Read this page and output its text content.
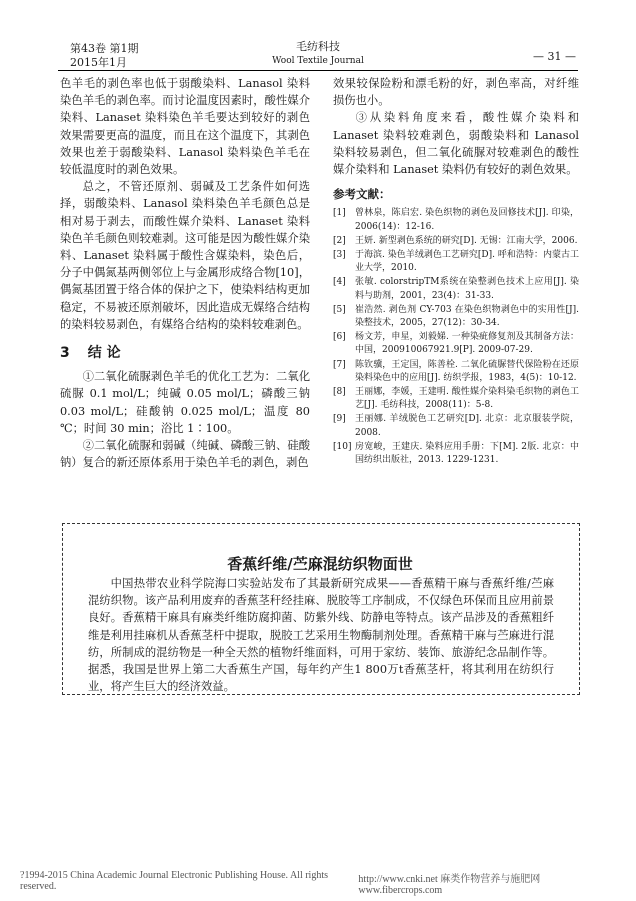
第43卷 第1期
2015年1月
毛纺科技
Wool Textile Journal	— 31 —

色羊毛的剥色率也低于弱酸染料、Lanasol 染料染色羊毛的剥色率。而讨论温度因素时，酸性媒介染料、Lanaset 染料染色羊毛要达到较好的剥色效果需要更高的温度，而且在这个温度下，其剥色效果也差于弱酸染料、Lanasol 染料染色羊毛在较低温度时的剥色效果。

总之，不管还原剂、弱碱及工艺条件如何选择，弱酸染料、Lanasol 染料染色羊毛颜色总是相对易于剥去，而酸性媒介染料、Lanaset 染料染色羊毛颜色则较难剥。这可能是因为酸性媒介染料、Lanaset 染料属于酸性含媒染料，染色后，分子中偶氮基两侧邻位上与金属形成络合物[10]，偶氮基团置于络合体的保护之下，使染料结构更加稳定，不易被还原剂破坏，因此造成无媒络合结构的染料较易剥色，有媒络合结构的染料较难剥色。

3 结 论

①二氧化硫脲剥色羊毛的优化工艺为：二氧化硫脲 0.1 mol/L；纯碱 0.05 mol/L；磷酸三钠 0.03 mol/L；硅酸钠 0.025 mol/L；温度 80 ℃；时间 30 min；浴比 1∶100。

②二氧化硫脲和弱碱（纯碱、磷酸三钠、硅酸钠）复合的新还原体系用于染色羊毛的剥色，剥色

效果较保险粉和漂毛粉的好，剥色率高，对纤维损伤也小。

③从染料角度来看，酸性媒介染料和 Lanaset 染料较难剥色，弱酸染料和 Lanasol 染料较易剥色，但二氧化硫脲对较难剥色的酸性媒介染料和 Lanaset 染料仍有较好的剥色效果。

参考文献：
[1]	曾林泉，陈启宏. 染色织物的剥色及回修技术[J]. 印染，2006(14)：12-16.
[2]	王妍. 新型剥色系统的研究[D]. 无锡：江南大学，2006.
[3]	于海滨. 染色羊绒剥色工艺研究[D]. 呼和浩特：内蒙古工业大学，2010.
[4]	张敏. colorstripTM系统在染整剥色技术上应用[J]. 染料与助剂，2001，23(4)：31-33.
[5]	崔浩然. 剥色剂 CY-703 在染色织物剥色中的实用性[J]. 染整技术，2005，27(12)：30-34.
[6]	杨文芳，申星，刘毅娣. 一种染疵修复剂及其制备方法：中国，200910067921.9[P]. 2009-07-29.
[7]	陈钦骥，王定国，陈善栓. 二氧化硫脲替代保险粉在还原染料染色中的应用[J]. 纺织学报，1983，4(5)：10-12.
[8]	王丽娜，李媛，王建明. 酸性媒介染料染毛织物的剥色工艺[J]. 毛纺科技，2008(11)：5-8.
[9]	王丽娜. 羊绒脱色工艺研究[D]. 北京：北京服装学院，2008.
[10] 房宽峻，王建庆. 染料应用手册：下[M]. 2版. 北京：中国纺织出版社，2013. 1229-1231.
香蕉纤维/苎麻混纺织物面世
中国热带农业科学院海口实验站发布了其最新研究成果——香蕉精干麻与香蕉纤维/苎麻混纺织物。该产品利用废弃的香蕉茎秆经挂麻、脱胶等工序制成，不仅绿色环保而且应用前景良好。香蕉精干麻具有麻类纤维防腐抑菌、防紫外线、防静电等特点。该产品涉及的香蕉粗纤维是利用挂麻机从香蕉茎杆中提取，脱胶工艺采用生物酶制剂处理。香蕉精干麻与苎麻进行混纺，所制成的混纺物是一种全天然的植物纤维面料，可用于家纺、装饰、旅游纪念品制作等。据悉，我国是世界上第二大香蕉生产国，每年约产生1 800万t香蕉茎杆，将其利用在纺织行业，将产生巨大的经济效益。
?1994-2015 China Academic Journal Electronic Publishing House. All rights reserved.
http://www.cnki.net 麻类作物营养与施肥网 www.fibercrops.com
